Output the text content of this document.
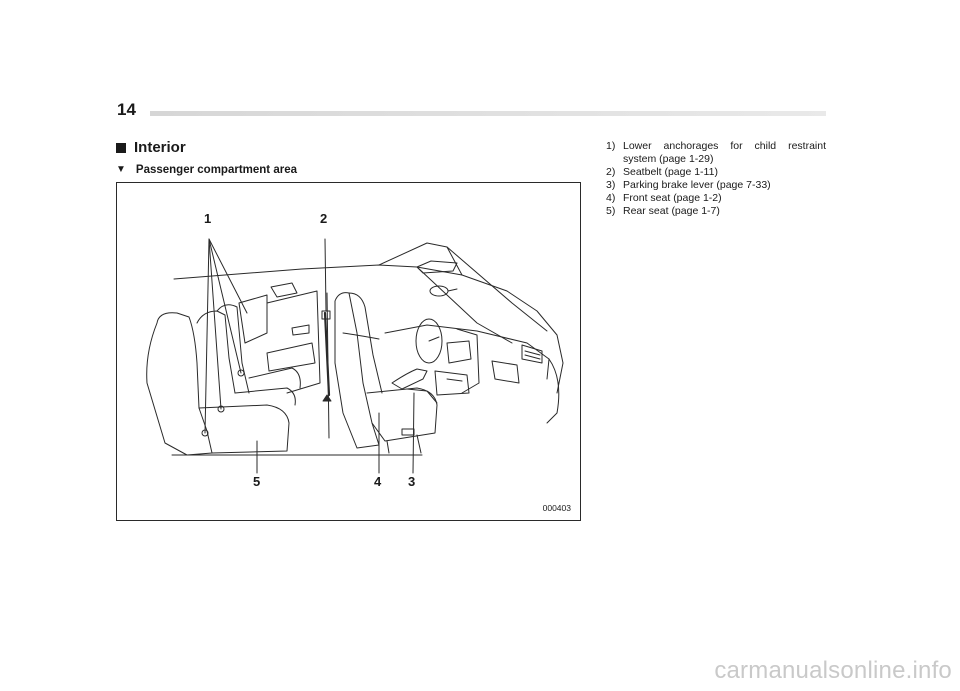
14
Interior
▼ Passenger compartment area
1	2
5	4 3
000403
1) Lower anchorages for child restraint system (page 1-29)
2) Seatbelt (page 1-11)
3) Parking brake lever (page 7-33)
4) Front seat (page 1-2)
5) Rear seat (page 1-7)
carmanualsonline.info
